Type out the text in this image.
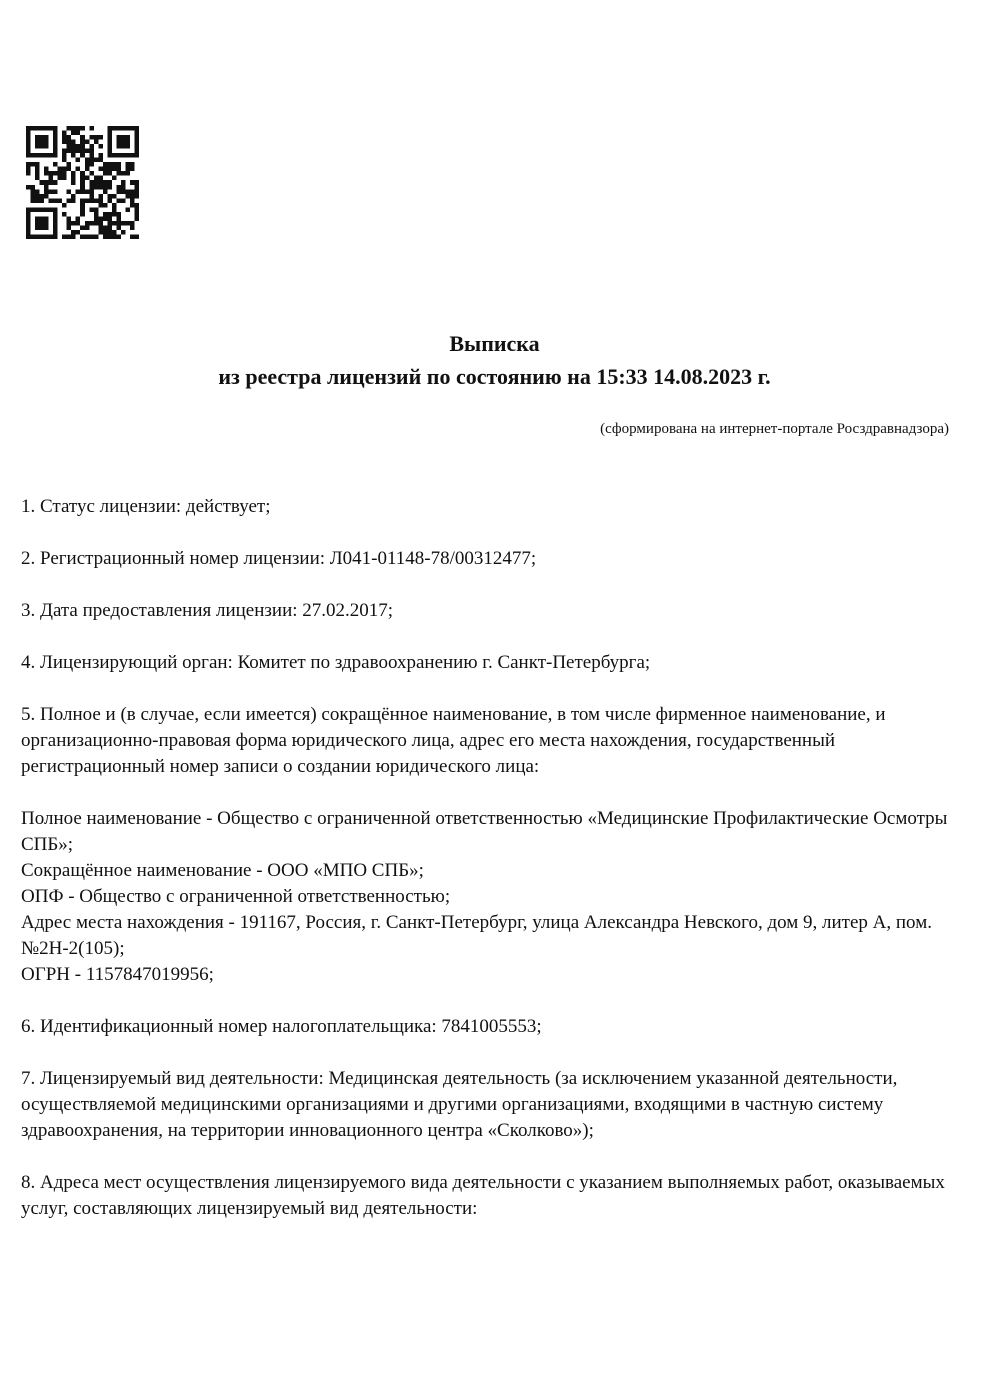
Выписка
из реестра лицензий по состоянию на 15:33 14.08.2023 г.
(сформирована на интернет-портале Росздравнадзора)

1. Статус лицензии: действует;

2. Регистрационный номер лицензии: Л041-01148-78/00312477;

3. Дата предоставления лицензии: 27.02.2017;

4. Лицензирующий орган: Комитет по здравоохранению г. Санкт-Петербурга;

5. Полное и (в случае, если имеется) сокращённое наименование, в том числе фирменное наименование, и организационно-правовая форма юридического лица, адрес его места нахождения, государственный регистрационный номер записи о создании юридического лица:

Полное наименование - Общество с ограниченной ответственностью «Медицинские Профилактические Осмотры СПБ»;

Сокращённое наименование - ООО «МПО СПБ»;

ОПФ - Общество с ограниченной ответственностью;

Адрес места нахождения - 191167, Россия, г. Санкт-Петербург, улица Александра Невского, дом 9, литер А, пом. №2Н-2(105);

ОГРН - 1157847019956;

6. Идентификационный номер налогоплательщика: 7841005553;

7. Лицензируемый вид деятельности: Медицинская деятельность (за исключением указанной деятельности, осуществляемой медицинскими организациями и другими организациями, входящими в частную систему здравоохранения, на территории инновационного центра «Сколково»);

8. Адреса мест осуществления лицензируемого вида деятельности с указанием выполняемых работ, оказываемых услуг, составляющих лицензируемый вид деятельности:
